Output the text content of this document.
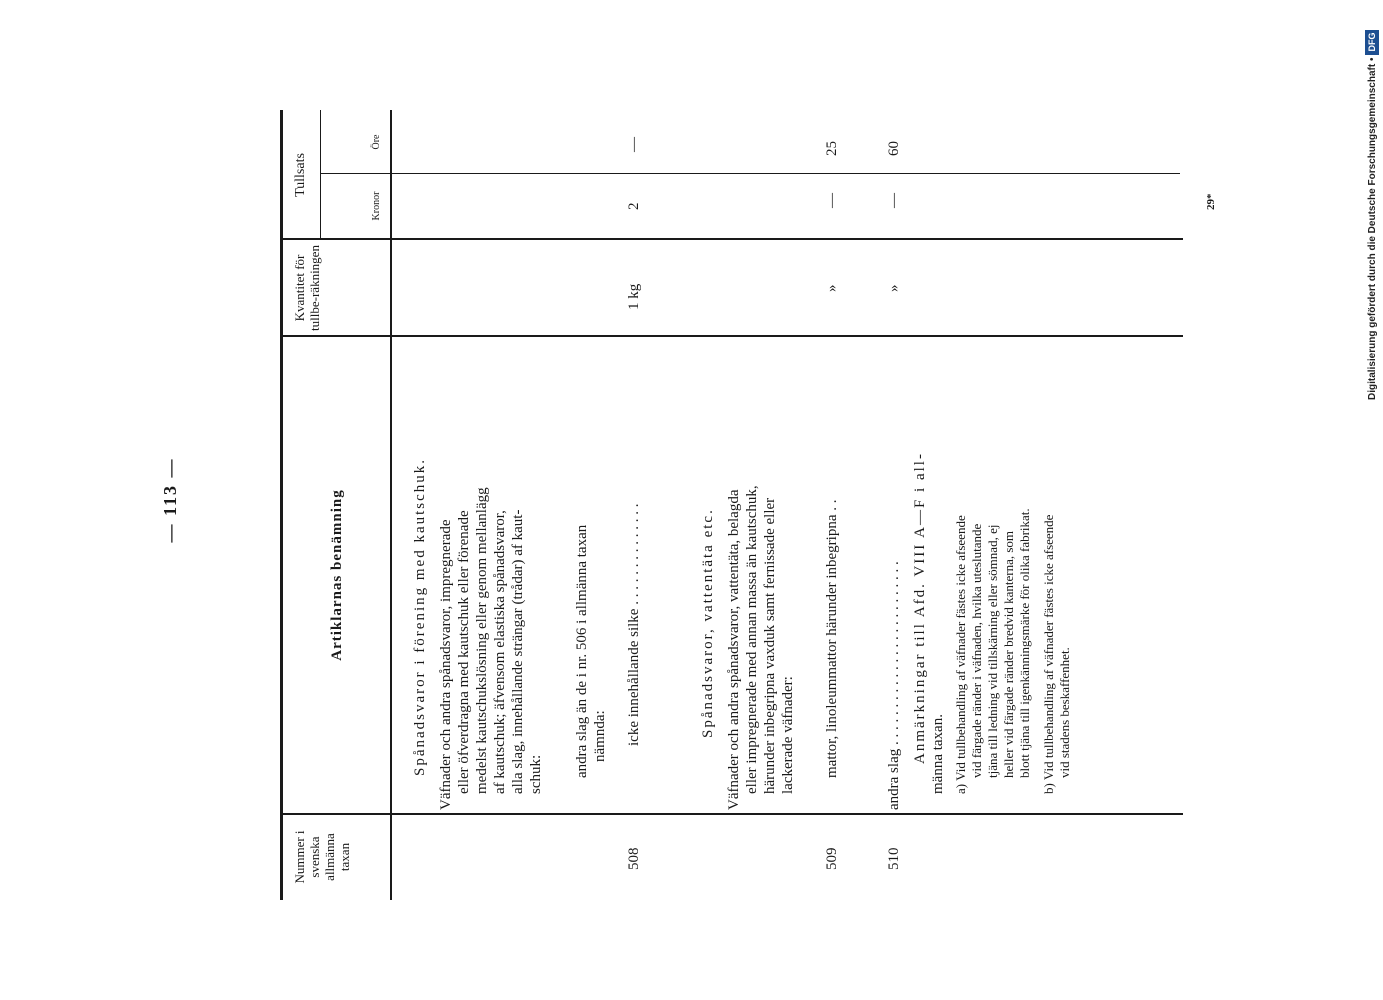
— 113 —
Nummer i svenska allmänna taxan
Artiklarnas benämning
Kvantitet för tullbe-räkningen
Tullsats
Kronor
Öre
Spånadsvaror i förening med kautschuk. Väfnader och andra spånadsvaror, impregnerade eller öfverdragna med kautschuk eller förenade medelst kautschukslösning eller genom mellanlägg af kautschuk; äfvensom elastiska spånadsvaror, alla slag, innehållande strängar (trådar) af kaut- schuk: andra slag än de i nr. 506 i allmänna taxan nämnda:
508
icke innehållande silke . . . . . . . . . . . . . .
1 kg
2
—
Spånadsvaror, vattentäta etc. Väfnader och andra spånadsvaror, vattentäta, belagda eller impregnerade med annan massa än kautschuk, härunder inbegripna vaxduk samt fernissade eller lackerade väfnader:
509
mattor, linoleummattor härunder inbegripna . .
»
—
25
510
andra slag . . . . . . . . . . . . . . . . . . . . . . . . .
»
—
60
Anmärkningar till Afd. VIII A—F i all- männa taxan. a) Vid tullbehandling af väfnader fästes icke afseende vid färgade ränder i väfnaden, hvilka uteslutande tjäna till ledning vid tillskärning eller sömnad, ej heller vid färgade ränder bredvid kanterna, som blott tjäna till igenkänningsmärke för olika fabrikat. b) Vid tullbehandling af väfnader fästes icke afseende vid stadens beskaffenhet.
29*	Digitalisierung gefördert durch die Deutsche Forschungsgemeinschaft •DFG
